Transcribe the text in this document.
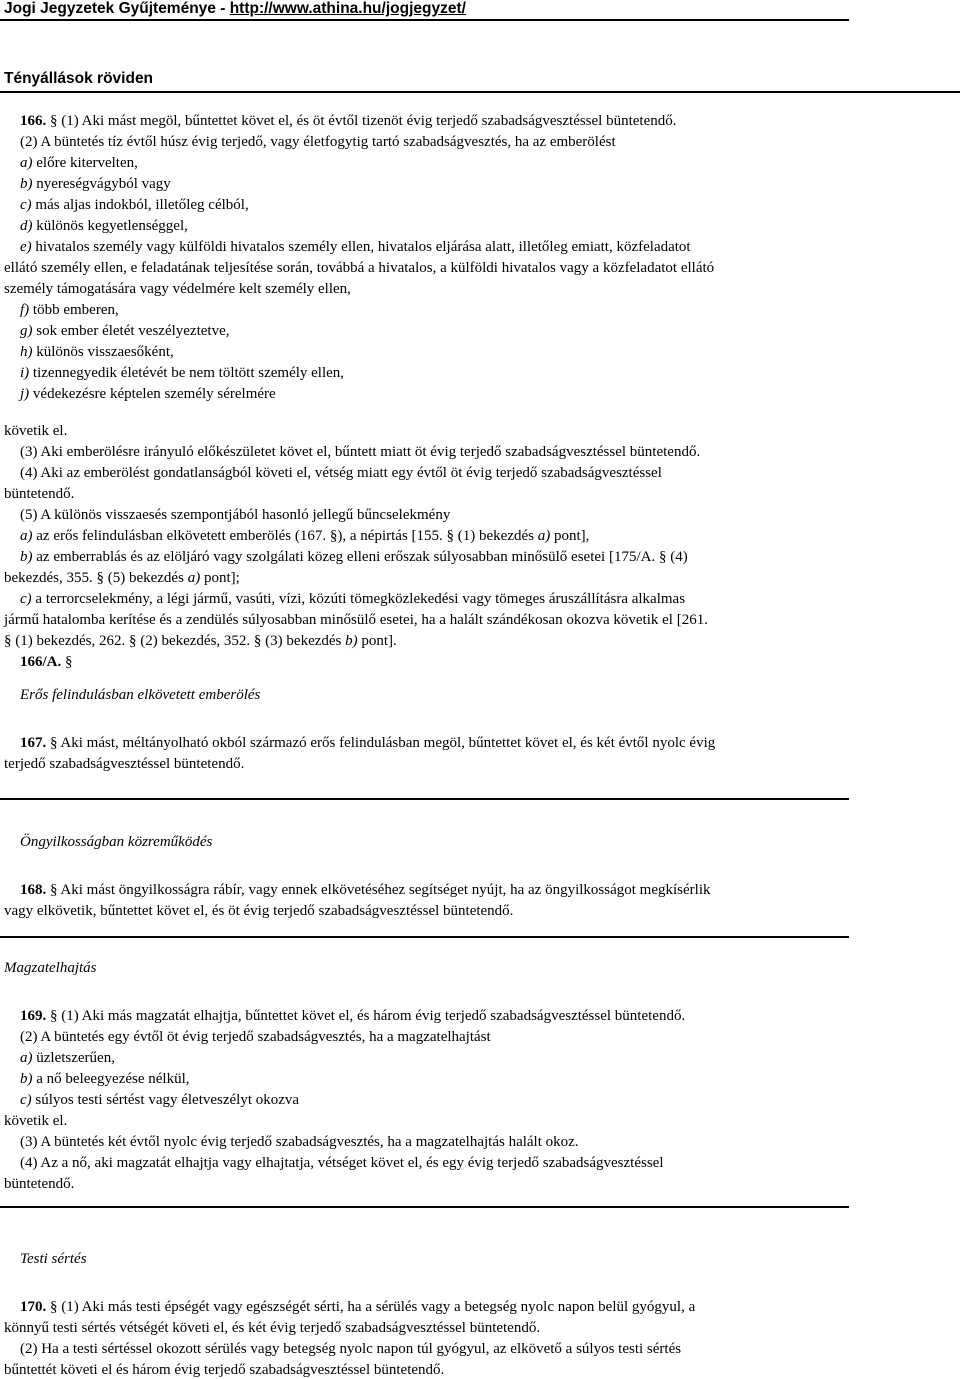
Jogi Jegyzetek Gyűjteménye - http://www.athina.hu/jogjegyzet/
Tényállások röviden
166. § (1) Aki mást megöl, bűntettet követ el, és öt évtől tizenöt évig terjedő szabadságvesztéssel büntetendő.
(2) A büntetés tíz évtől húsz évig terjedő, vagy életfogytig tartó szabadságvesztés, ha az emberölést
a) előre kitervelten,
b) nyereségvágyból vagy
c) más aljas indokból, illetőleg célból,
d) különös kegyetlenséggel,
e) hivatalos személy vagy külföldi hivatalos személy ellen, hivatalos eljárása alatt, illetőleg emiatt, közfeladatot
ellátó személy ellen, e feladatának teljesítése során, továbbá a hivatalos, a külföldi hivatalos vagy a közfeladatot ellátó
személy támogatására vagy védelmére kelt személy ellen,
f) több emberen,
g) sok ember életét veszélyeztetve,
h) különös visszaesőként,
i) tizennegyedik életévét be nem töltött személy ellen,
j) védekezésre képtelen személy sérelmére
követik el.
(3) Aki emberölésre irányuló előkészületet követ el, bűntett miatt öt évig terjedő szabadságvesztéssel büntetendő.
(4) Aki az emberölést gondatlanságból követi el, vétség miatt egy évtől öt évig terjedő szabadságvesztéssel
büntetendő.
(5) A különös visszaesés szempontjából hasonló jellegű bűncselekmény
a) az erős felindulásban elkövetett emberölés (167. §), a népirtás [155. § (1) bekezdés a) pont],
b) az emberrablás és az elöljáró vagy szolgálati közeg elleni erőszak súlyosabban minősülő esetei [175/A. § (4)
bekezdés, 355. § (5) bekezdés a) pont];
c) a terrorcselekmény, a légi jármű, vasúti, vízi, közúti tömegközlekedési vagy tömeges áruszállításra alkalmas
jármű hatalomba kerítése és a zendülés súlyosabban minősülő esetei, ha a halált szándékosan okozva követik el [261.
§ (1) bekezdés, 262. § (2) bekezdés, 352. § (3) bekezdés b) pont].
166/A. §
Erős felindulásban elkövetett emberölés
167. § Aki mást, méltányolható okból származó erős felindulásban megöl, bűntettet követ el, és két évtől nyolc évig
terjedő szabadságvesztéssel büntetendő.
Öngyilkosságban közreműködés
168. § Aki mást öngyilkosságra rábír, vagy ennek elkövetéséhez segítséget nyújt, ha az öngyilkosságot megkísérlik
vagy elkövetik, bűntettet követ el, és öt évig terjedő szabadságvesztéssel büntetendő.
Magzatelhajtás
169. § (1) Aki más magzatát elhajtja, bűntettet követ el, és három évig terjedő szabadságvesztéssel büntetendő.
(2) A büntetés egy évtől öt évig terjedő szabadságvesztés, ha a magzatelhajtást
a) üzletszerűen,
b) a nő beleegyezése nélkül,
c) súlyos testi sértést vagy életveszélyt okozva
követik el.
(3) A büntetés két évtől nyolc évig terjedő szabadságvesztés, ha a magzatelhajtás halált okoz.
(4) Az a nő, aki magzatát elhajtja vagy elhajtatja, vétséget követ el, és egy évig terjedő szabadságvesztéssel
büntetendő.
Testi sértés
170. § (1) Aki más testi épségét vagy egészségét sérti, ha a sérülés vagy a betegség nyolc napon belül gyógyul, a
könnyű testi sértés vétségét követi el, és két évig terjedő szabadságvesztéssel büntetendő.
(2) Ha a testi sértéssel okozott sérülés vagy betegség nyolc napon túl gyógyul, az elkövető a súlyos testi sértés
bűntettét követi el és három évig terjedő szabadságvesztéssel büntetendő.
